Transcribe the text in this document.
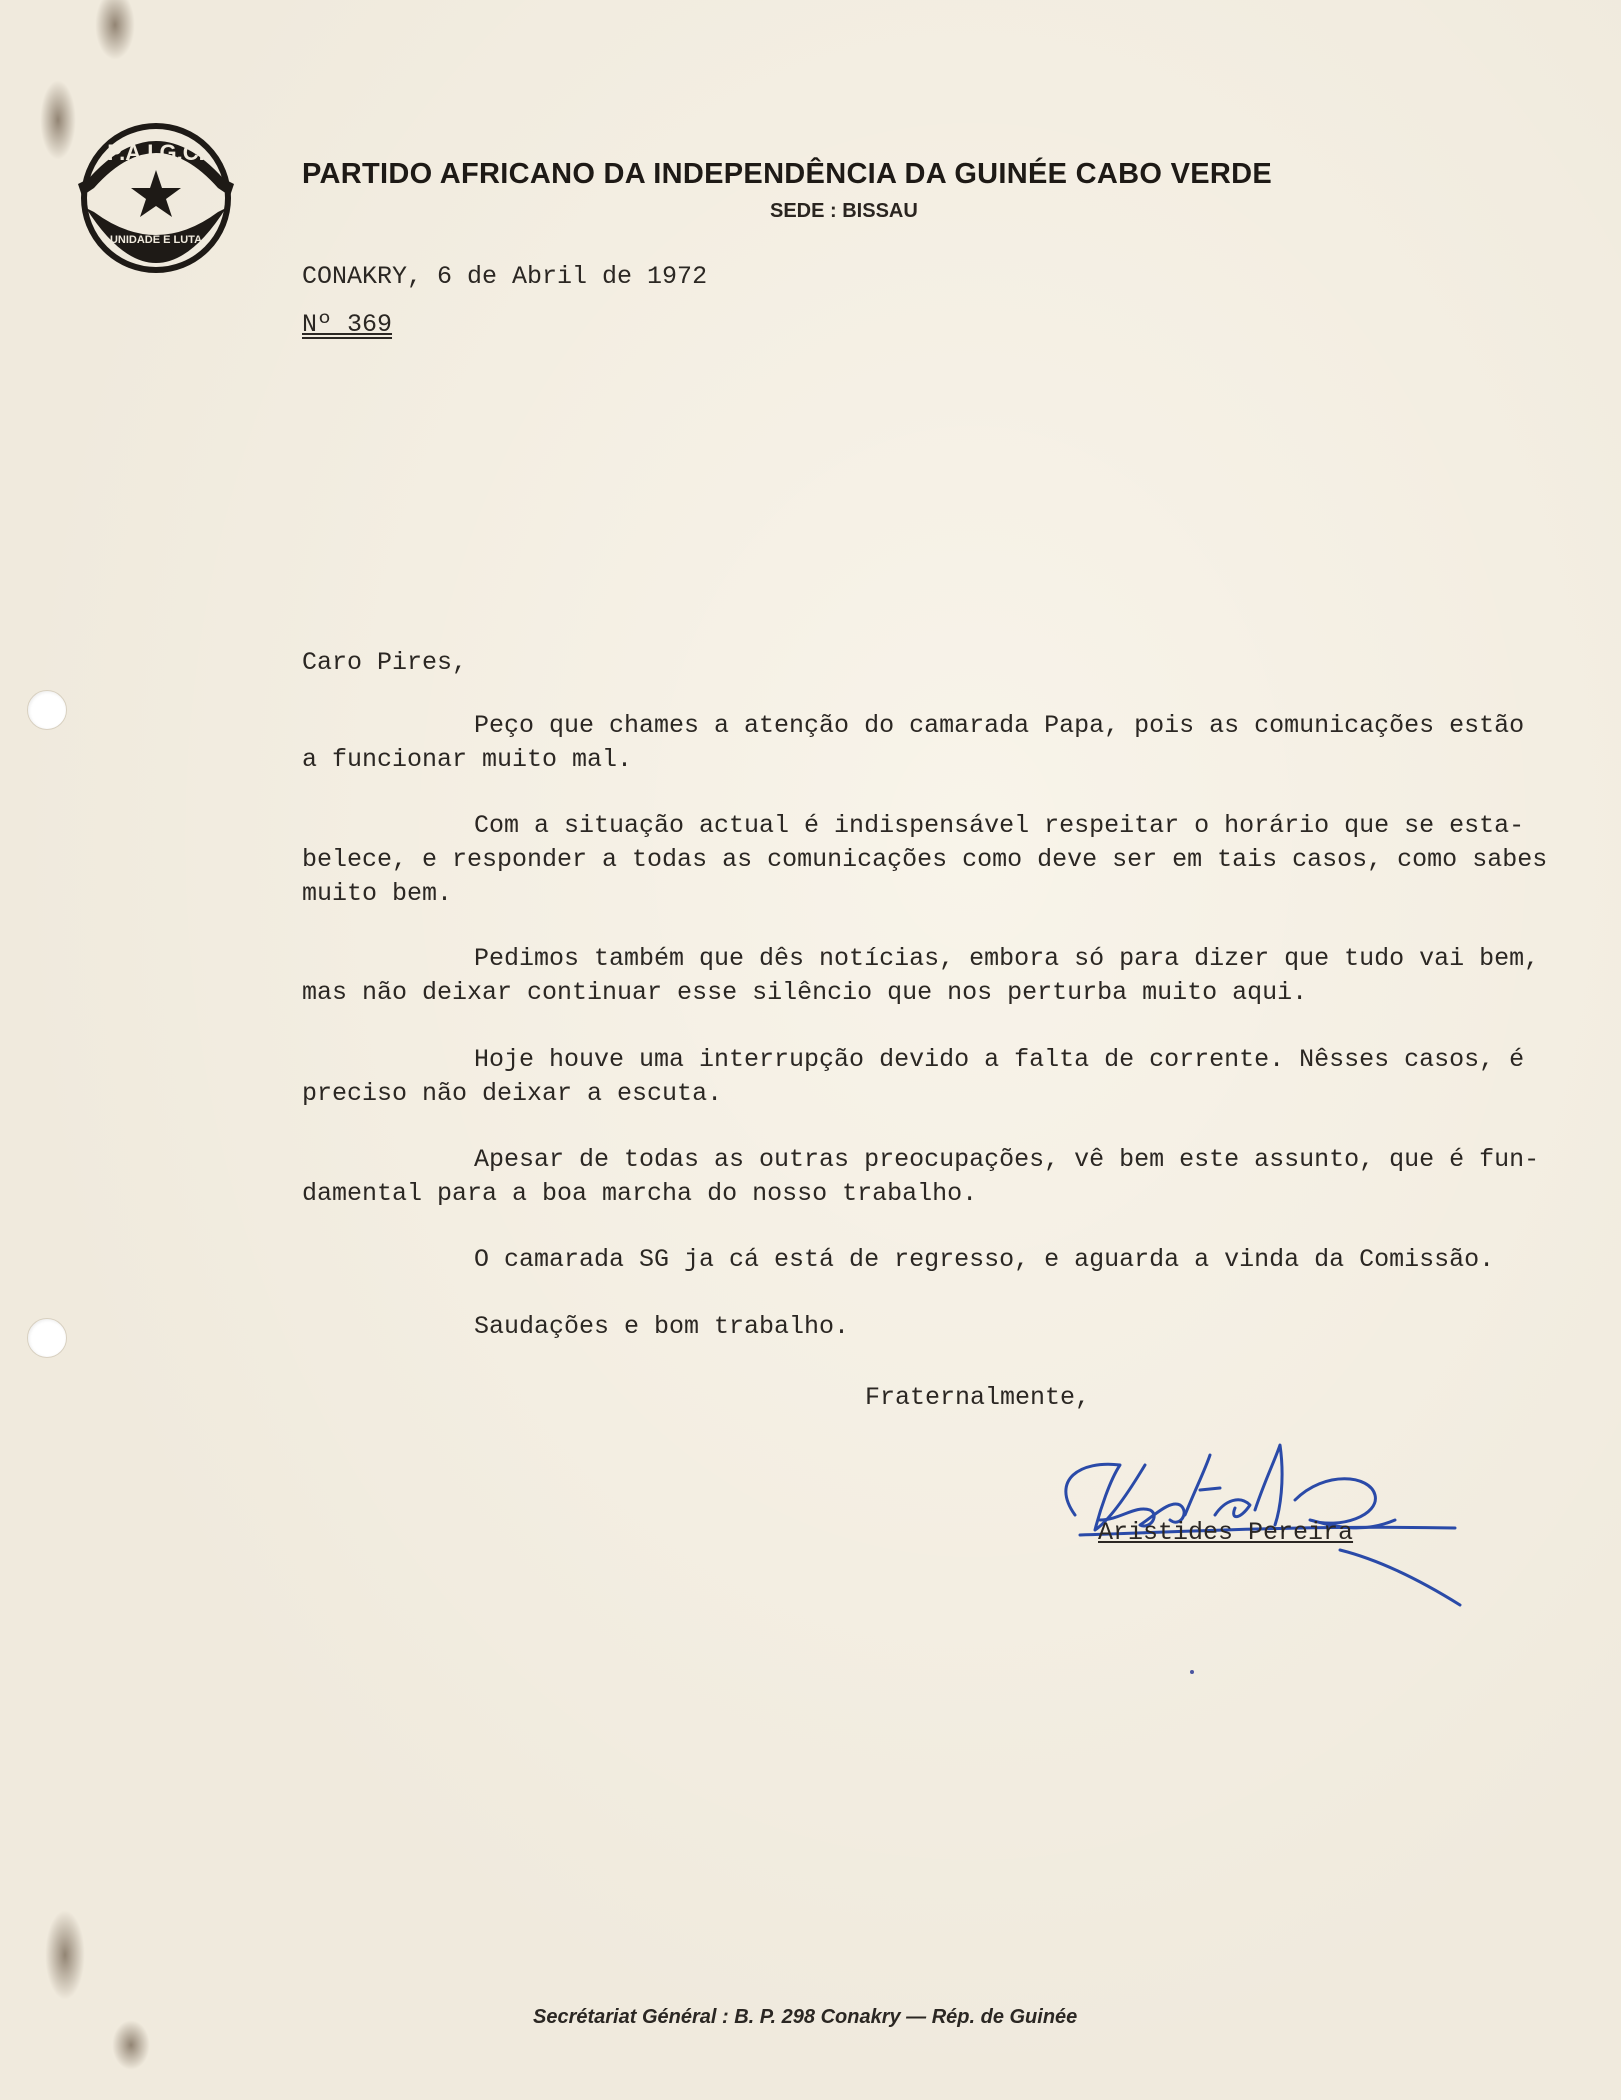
P.A.I.G.C.
UNIDADE E LUTA
PARTIDO AFRICANO DA INDEPENDÊNCIA DA GUINÉE CABO VERDE
SEDE : BISSAU
CONAKRY, 6 de Abril de 1972
Nº 369
Caro Pires,
Peço que chames a atenção do camarada Papa, pois as comunicações estão
a funcionar muito mal.
Com a situação actual é indispensável respeitar o horário que se esta-
belece, e responder a todas as comunicações como deve ser em tais casos, como sabes
muito bem.
Pedimos também que dês notícias, embora só para dizer que tudo vai bem,
mas não deixar continuar esse silêncio que nos perturba muito aqui.
Hoje houve uma interrupção devido a falta de corrente. Nêsses casos, é
preciso não deixar a escuta.
Apesar de todas as outras preocupações, vê bem este assunto, que é fun-
damental para a boa marcha do nosso trabalho.
O camarada SG ja cá está de regresso, e aguarda a vinda da Comissão.
Saudações e bom trabalho.
Fraternalmente,
Aristides Pereira
Secrétariat Général : B. P. 298 Conakry — Rép. de Guinée
